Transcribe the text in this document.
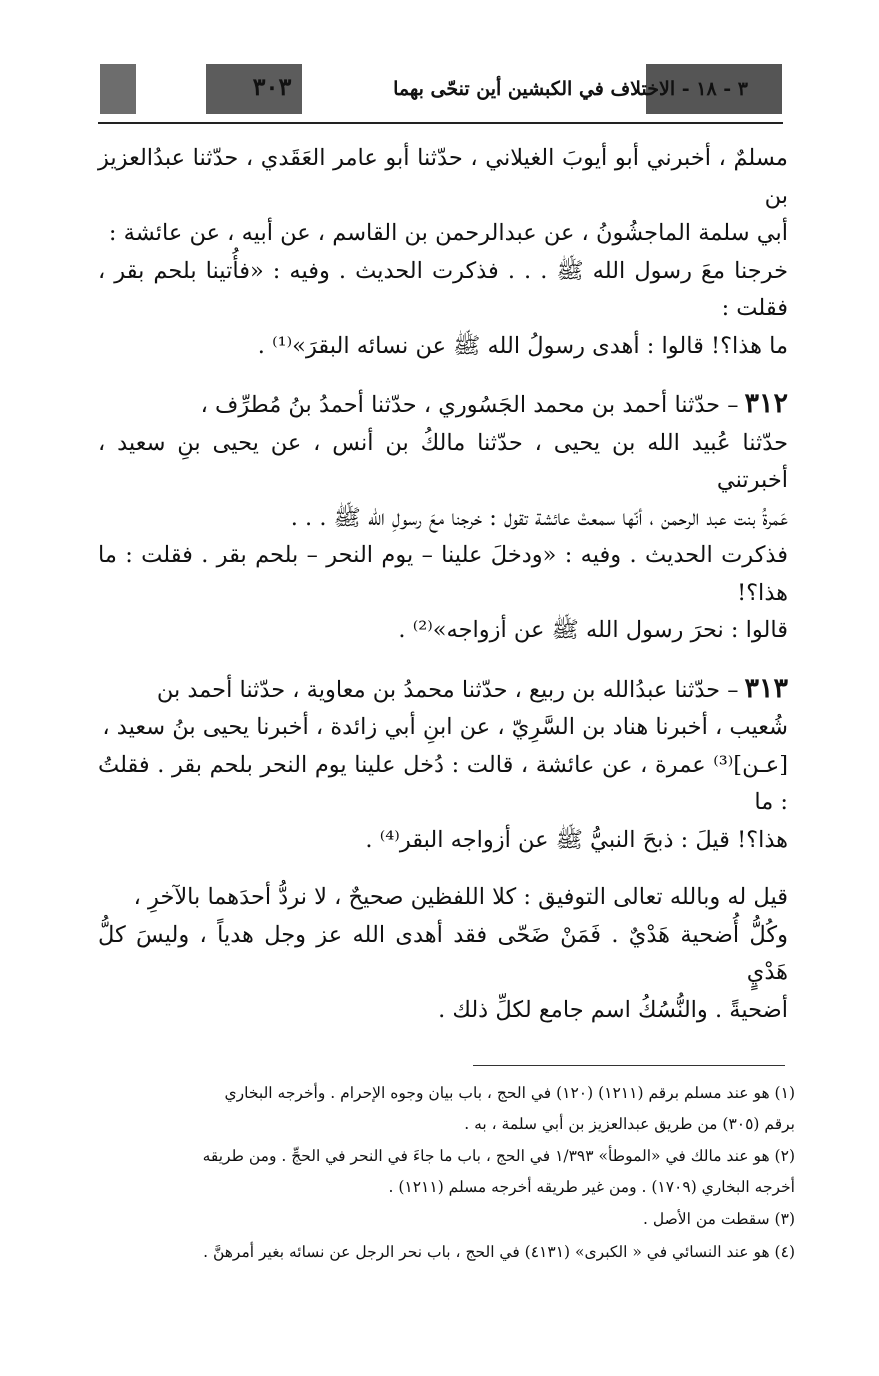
٣٠٣	٣ - ١٨ - الاختلاف في الكبشين أين تنحّى بهما

مسلمٌ ، أخبرني أبو أيوبَ الغيلاني ، حدّثنا أبو عامر العَقَدي ، حدّثنا عبدُالعزيز بن

أبي سلمة الماجشُونُ ، عن عبدالرحمن بن القاسم ، عن أبيه ، عن عائشة :

خرجنا معَ رسول الله ﷺ . . . فذكرت الحديث . وفيه : «فأُتينا بلحم بقر ، فقلت :

ما هذا؟! قالوا : أهدى رسولُ الله ﷺ عن نسائه البقرَ»⁽¹⁾ .

٣١٢– حدّثنا أحمد بن محمد الجَسُوري ، حدّثنا أحمدُ بنُ مُطرِّف ،

حدّثنا عُبيد الله بن يحيى ، حدّثنا مالكُ بن أنس ، عن يحيى بنِ سعيد ، أخبرتني

عَمرةُ بنت عبد الرحمن ، أنّها سمعتْ عائشة تقول : خرجنا معَ رسولِ الله ﷺ . . .

فذكرت الحديث . وفيه : «ودخلَ علينا – يوم النحر – بلحم بقر . فقلت : ما هذا؟!

قالوا : نحرَ رسول الله ﷺ عن أزواجه»⁽²⁾ .

٣١٣– حدّثنا عبدُالله بن ربيع ، حدّثنا محمدُ بن معاوية ، حدّثنا أحمد بن

شُعيب ، أخبرنا هناد بن السَّرِيّ ، عن ابنِ أبي زائدة ، أخبرنا يحيى بنُ سعيد ،

[عـن]⁽³⁾ عمرة ، عن عائشة ، قالت : دُخل علينا يوم النحر بلحم بقر . فقلتُ : ما

هذا؟! قيلَ : ذبحَ النبيُّ ﷺ عن أزواجه البقر⁽⁴⁾ .

قيل له وبالله تعالى التوفيق : كلا اللفظين صحيحٌ ، لا نردُّ أحدَهما بالآخرِ ،

وكُلُّ أُضحية هَدْيٌ . فَمَنْ ضَحّى فقد أهدى الله عز وجل هدياً ، وليسَ كلُّ هَدْيٍ

أضحيةً . والنُّسُكُ اسم جامع لكلِّ ذلك .

(١) هو عند مسلم برقم (١٢١١) (١٢٠) في الحج ، باب بيان وجوه الإحرام . وأخرجه البخاري

برقم (٣٠٥) من طريق عبدالعزيز بن أبي سلمة ، به .

(٢) هو عند مالك في «الموطأ» ١/٣٩٣ في الحج ، باب ما جاءَ في النحر في الحجِّ . ومن طريقه

أخرجه البخاري (١٧٠٩) . ومن غير طريقه أخرجه مسلم (١٢١١) .

(٣) سقطت من الأصل .

(٤) هو عند النسائي في « الكبرى» (٤١٣١) في الحج ، باب نحر الرجل عن نسائه بغير أمرهنَّ .
